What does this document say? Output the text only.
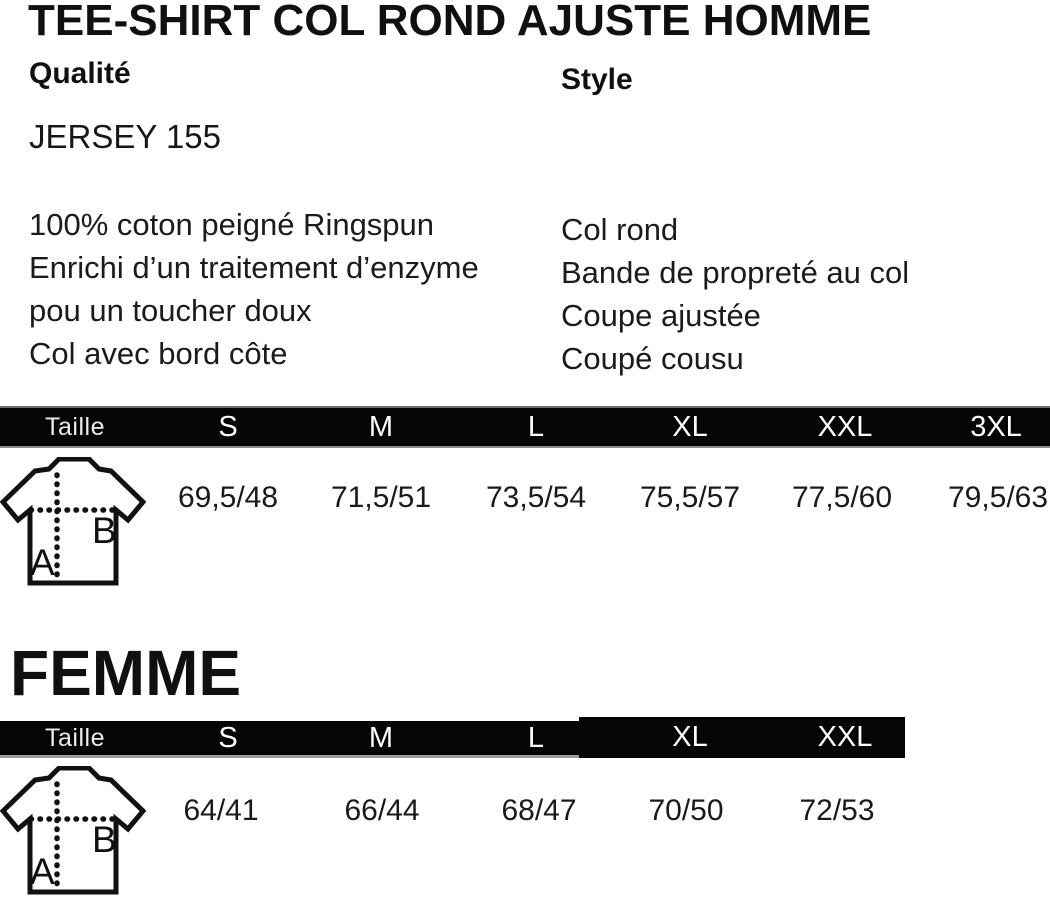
TEE-SHIRT COL ROND AJUSTE HOMME
Qualité	Style
JERSEY 155
100% coton peigné Ringspun
Enrichi d’un traitement d’enzyme
pou un toucher doux
Col avec bord côte
Col rond
Bande de propreté au col
Coupe ajustée
Coupé cousu
Taille	S	M	L	XL	XXL	3XL
A
B
69,5/48	71,5/51	73,5/54	75,5/57	77,5/60	79,5/63
FEMME
Taille	S	M	L	XL	XXL
A
B
64/41	66/44	68/47	70/50	72/53
